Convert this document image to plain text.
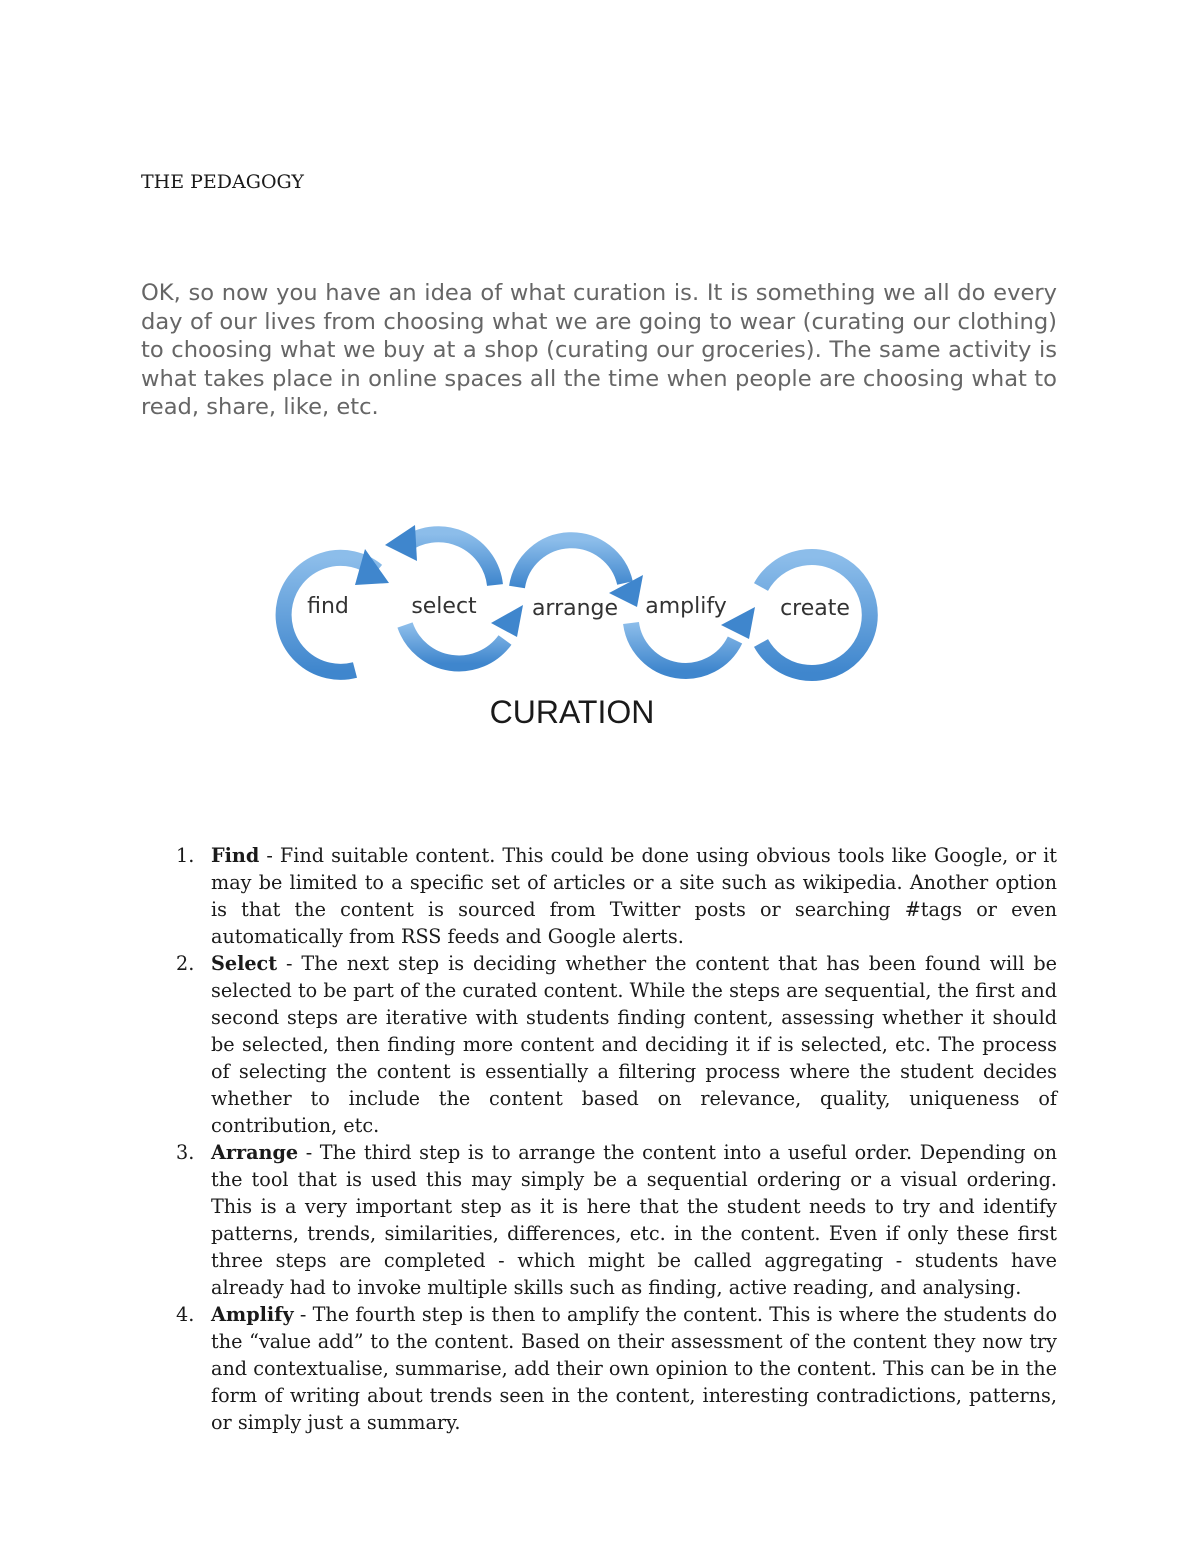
THE PEDAGOGY

OK, so now you have an idea of what curation is. It is something we all do every day of our lives from choosing what we are going to wear (curating our clothing) to choosing what we buy at a shop (curating our groceries). The same activity is what takes place in online spaces all the time when people are choosing what to read, share, like, etc.

find	select	arrange amplify create
CURATION
1. Find - Find suitable content. This could be done using obvious tools like Google, or it may be limited to a specific set of articles or a site such as wikipedia. Another option is that the content is sourced from Twitter posts or searching #tags or even automatically from RSS feeds and Google alerts.
2. Select - The next step is deciding whether the content that has been found will be selected to be part of the curated content. While the steps are sequential, the first and second steps are iterative with students finding content, assessing whether it should be selected, then finding more content and deciding it if is selected, etc. The process of selecting the content is essentially a filtering process where the student decides whether to include the content based on relevance, quality, uniqueness of contribution, etc.
3. Arrange - The third step is to arrange the content into a useful order. Depending on the tool that is used this may simply be a sequential ordering or a visual ordering. This is a very important step as it is here that the student needs to try and identify patterns, trends, similarities, differences, etc. in the content. Even if only these first three steps are completed - which might be called aggregating - students have already had to invoke multiple skills such as finding, active reading, and analysing.
4. Amplify - The fourth step is then to amplify the content. This is where the students do the “value add” to the content. Based on their assessment of the content they now try and contextualise, summarise, add their own opinion to the content. This can be in the form of writing about trends seen in the content, interesting contradictions, patterns, or simply just a summary.
